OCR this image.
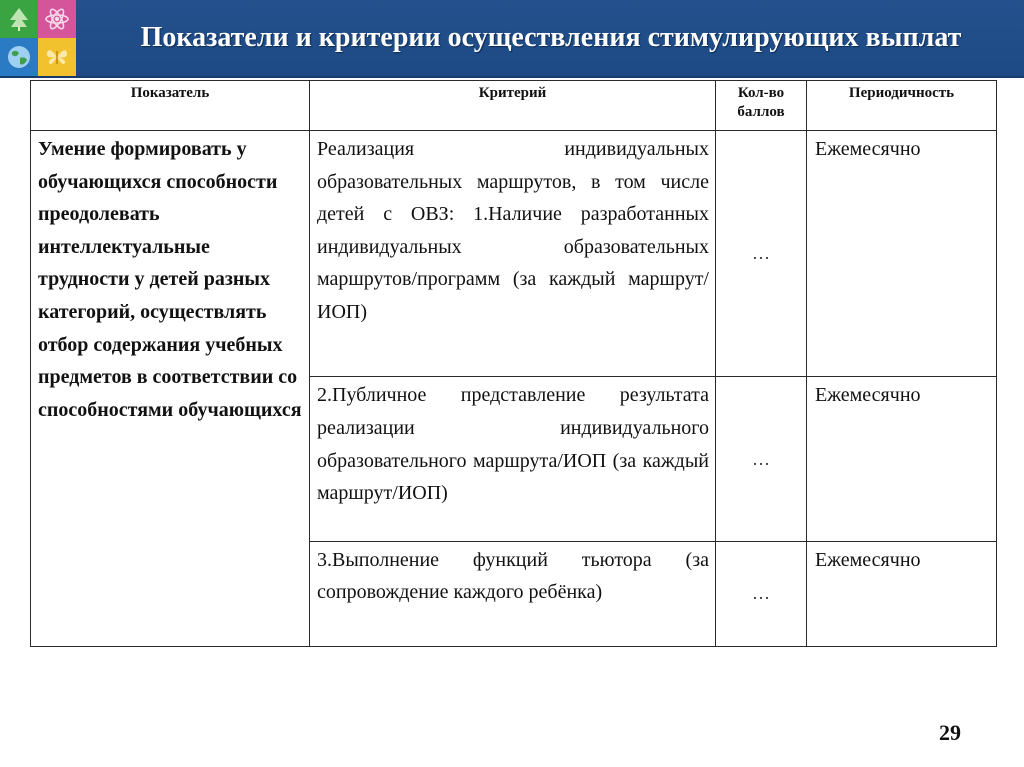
Показатели и критерии осуществления стимулирующих выплат
Показатель	Критерий	Кол-во баллов	Периодичность
Умение формировать у обучающихся способности преодолевать интеллектуальные трудности у детей разных категорий, осуществлять отбор содержания учебных предметов в соответствии со способностями обучающихся	Реализация индивидуальных образовательных маршрутов, в том числе детей с ОВЗ: 1.Наличие разработанных индивидуальных образовательных маршрутов/программ (за каждый маршрут/ИОП)	…	Ежемесячно
	2.Публичное представление результата реализации индивидуального образовательного маршрута/ИОП (за каждый маршрут/ИОП)	…	Ежемесячно
	3.Выполнение функций тьютора (за сопровождение каждого ребёнка)	…	Ежемесячно
29
